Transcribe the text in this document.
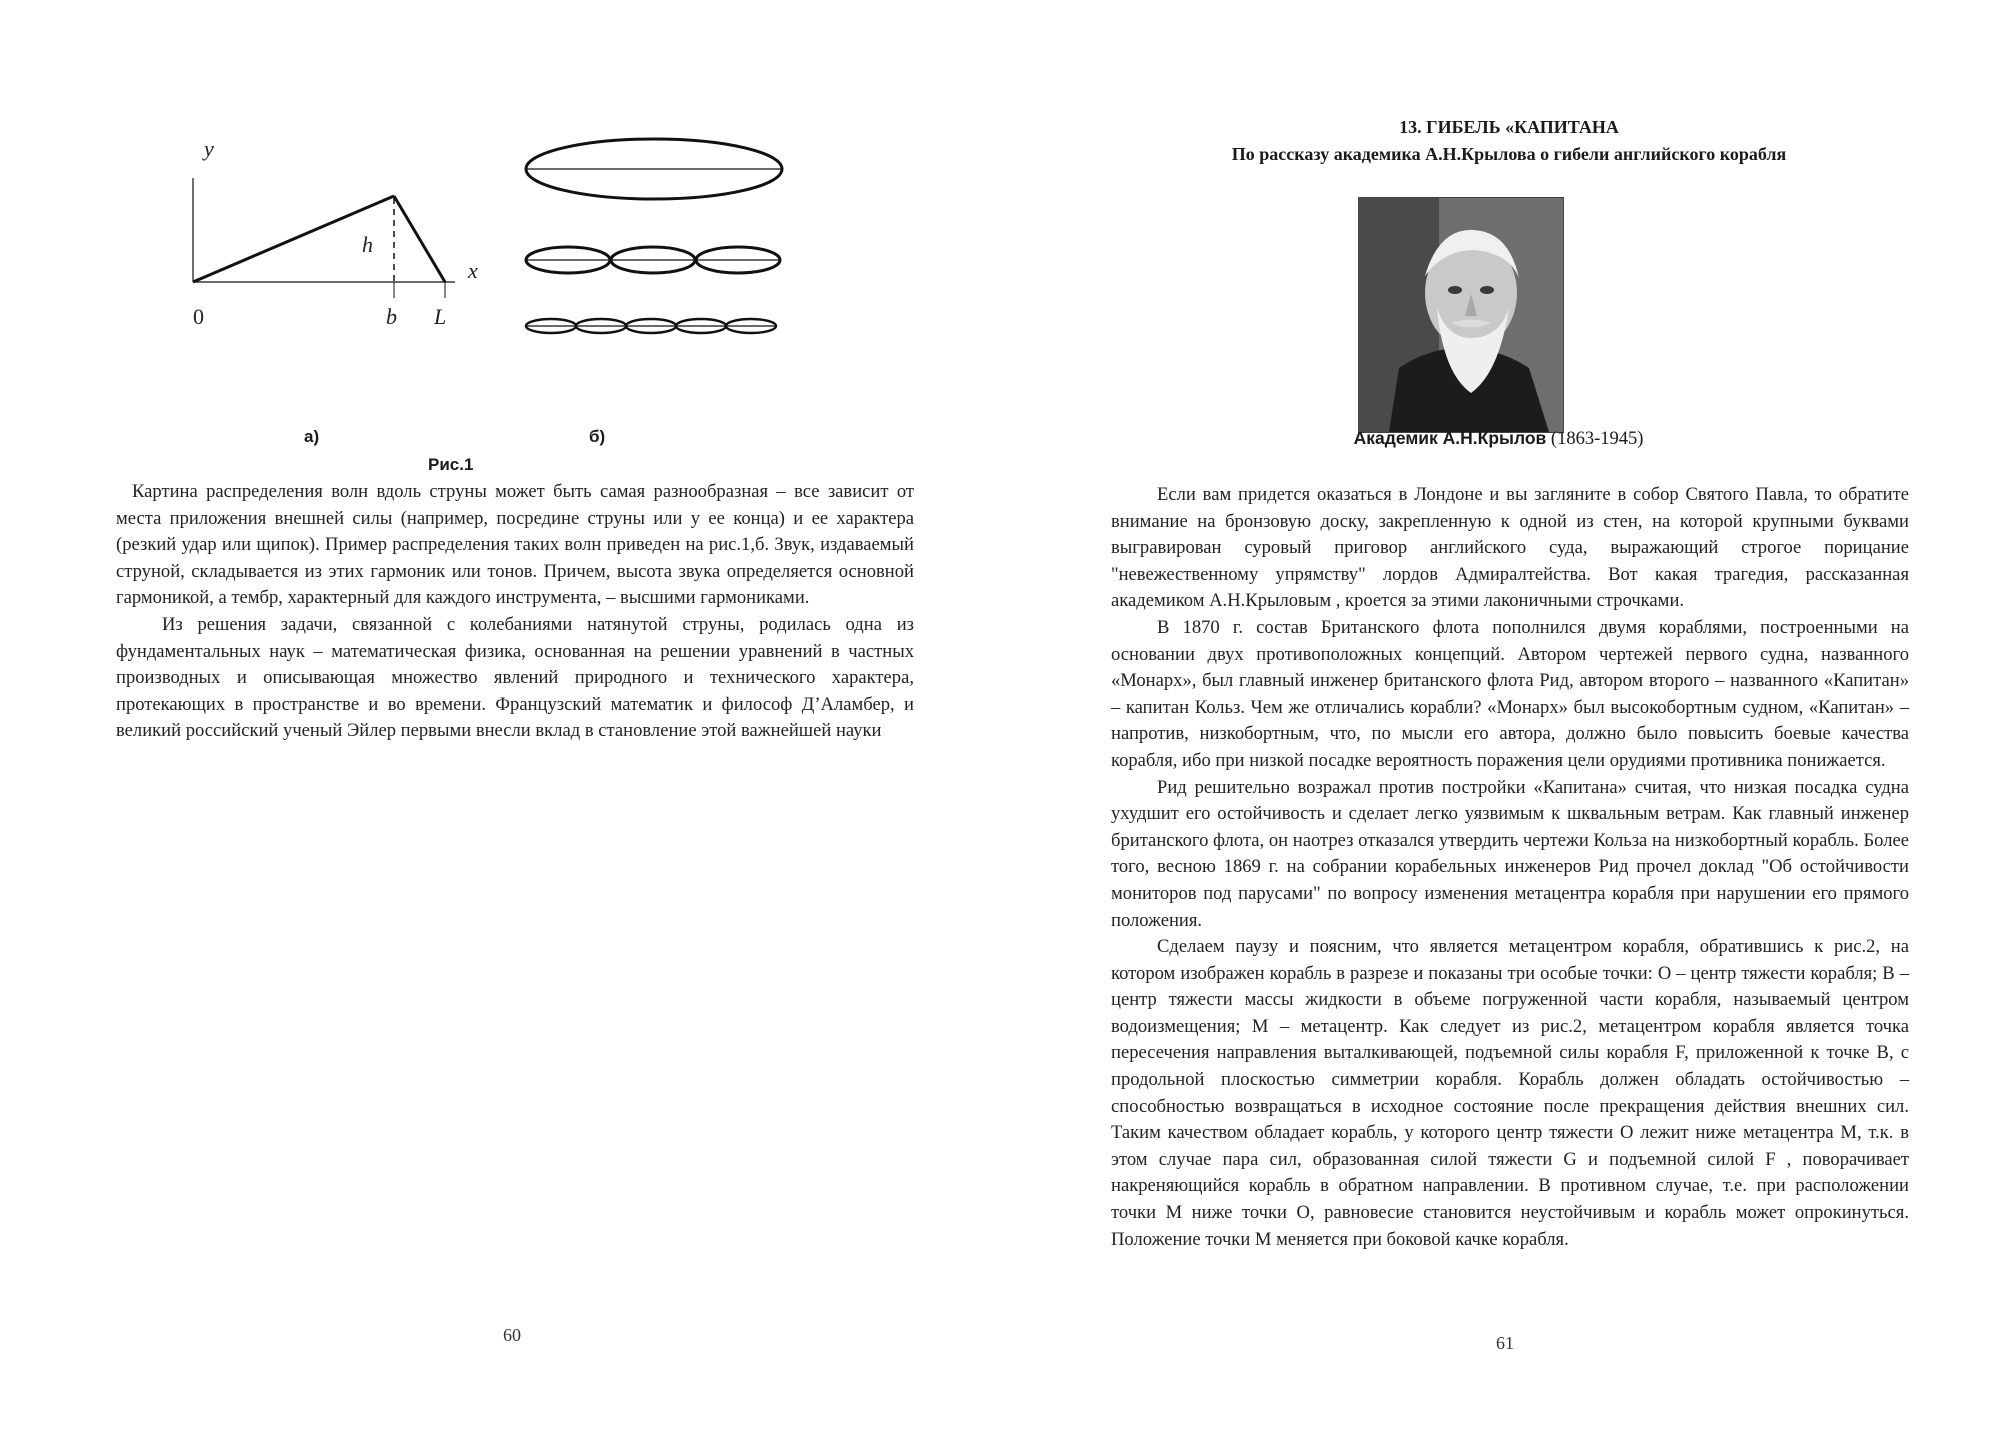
y
x
0
h
b L
а)	б)
Рис.1

Картина распределения волн вдоль струны может быть самая разнообразная – все зависит от места приложения внешней силы (например, посредине струны или у ее конца) и ее характера (резкий удар или щипок). Пример распределения таких волн приведен на рис.1,б. Звук, издаваемый струной, складывается из этих гармоник или тонов. Причем, высота звука определяется основной гармоникой, а тембр, характерный для каждого инструмента, – высшими гармониками.

Из решения задачи, связанной с колебаниями натянутой струны, родилась одна из фундаментальных наук – математическая физика, основанная на решении уравнений в частных производных и описывающая множество явлений природного и технического характера, протекающих в пространстве и во времени. Французский математик и философ Д’Аламбер, и великий российский ученый Эйлер первыми внесли вклад в становление этой важнейшей науки

60
13. ГИБЕЛЬ «КАПИТАНА
По рассказу академика А.Н.Крылова о гибели английского корабля
Академик А.Н.Крылов (1863-1945)

Если вам придется оказаться в Лондоне и вы загляните в собор Святого Павла, то обратите внимание на бронзовую доску, закрепленную к одной из стен, на которой крупными буквами выгравирован суровый приговор английского суда, выражающий строгое порицание "невежественному упрямству" лордов Адмиралтейства. Вот какая трагедия, рассказанная академиком А.Н.Крыловым , кроется за этими лаконичными строчками.

В 1870 г. состав Британского флота пополнился двумя кораблями, построенными на основании двух противоположных концепций. Автором чертежей первого судна, названного «Монарх», был главный инженер британского флота Рид, автором второго – названного «Капитан» – капитан Кольз. Чем же отличались корабли? «Монарх» был высокобортным судном, «Капитан» – напротив, низкобортным, что, по мысли его автора, должно было повысить боевые качества корабля, ибо при низкой посадке вероятность поражения цели орудиями противника понижается.

Рид решительно возражал против постройки «Капитана» считая, что низкая посадка судна ухудшит его остойчивость и сделает легко уязвимым к шквальным ветрам. Как главный инженер британского флота, он наотрез отказался утвердить чертежи Кольза на низкобортный корабль. Более того, весною 1869 г. на собрании корабельных инженеров Рид прочел доклад "Об остойчивости мониторов под парусами" по вопросу изменения метацентра корабля при нарушении его прямого положения.

Сделаем паузу и поясним, что является метацентром корабля, обратившись к рис.2, на котором изображен корабль в разрезе и показаны три особые точки: О – центр тяжести корабля; В – центр тяжести массы жидкости в объеме погруженной части корабля, называемый центром водоизмещения; М – метацентр. Как следует из рис.2, метацентром корабля является точка пересечения направления выталкивающей, подъемной силы корабля F, приложенной к точке В, с продольной плоскостью симметрии корабля. Корабль должен обладать остойчивостью – способностью возвращаться в исходное состояние после прекращения действия внешних сил. Таким качеством обладает корабль, у которого центр тяжести О лежит ниже метацентра М, т.к. в этом случае пара сил, образованная силой тяжести G и подъемной силой F , поворачивает накреняющийся корабль в обратном направлении. В противном случае, т.е. при расположении точки М ниже точки О, равновесие становится неустойчивым и корабль может опрокинуться. Положение точки М меняется при боковой качке корабля.

61
